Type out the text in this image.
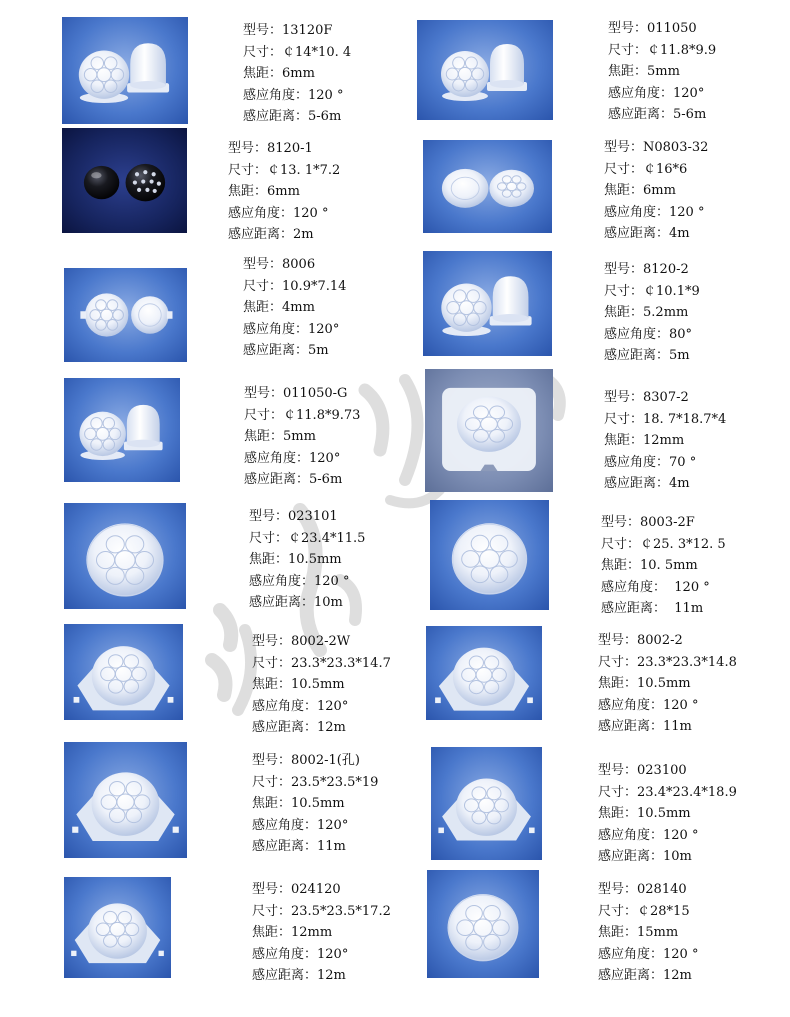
型号：13120F
尺寸：￠14*10. 4
焦距：6mm
感应角度：120 °
感应距离：5-6m
型号：8120-1
尺寸：￠13. 1*7.2
焦距：6mm
感应角度：120 °
感应距离：2m
型号：8006
尺寸：10.9*7.14
焦距：4mm
感应角度：120°
感应距离：5m
型号：011050-G
尺寸：￠11.8*9.73
焦距：5mm
感应角度：120°
感应距离：5-6m
型号：023101
尺寸：￠23.4*11.5
焦距：10.5mm
感应角度：120 °
感应距离：10m
型号：8002-2W
尺寸：23.3*23.3*14.7
焦距：10.5mm
感应角度：120°
感应距离：12m
型号：8002-1(孔)
尺寸：23.5*23.5*19
焦距：10.5mm
感应角度：120°
感应距离：11m
型号：024120
尺寸：23.5*23.5*17.2
焦距：12mm
感应角度：120°
感应距离：12m
型号：011050
尺寸：￠11.8*9.9
焦距：5mm
感应角度：120°
感应距离：5-6m
型号：N0803-32
尺寸：￠16*6
焦距：6mm
感应角度：120 °
感应距离：4m
型号：8120-2
尺寸：￠10.1*9
焦距：5.2mm
感应角度：80°
感应距离：5m
型号：8307-2
尺寸：18. 7*18.7*4
焦距：12mm
感应角度：70 °
感应距离：4m
型号：8003-2F
尺寸：￠25. 3*12. 5
焦距：10. 5mm
感应角度：  120 °
感应距离：  11m
型号：8002-2
尺寸：23.3*23.3*14.8
焦距：10.5mm
感应角度：120 °
感应距离：11m
型号：023100
尺寸：23.4*23.4*18.9
焦距：10.5mm
感应角度：120 °
感应距离：10m
型号：028140
尺寸：￠28*15
焦距：15mm
感应角度：120 °
感应距离：12m
